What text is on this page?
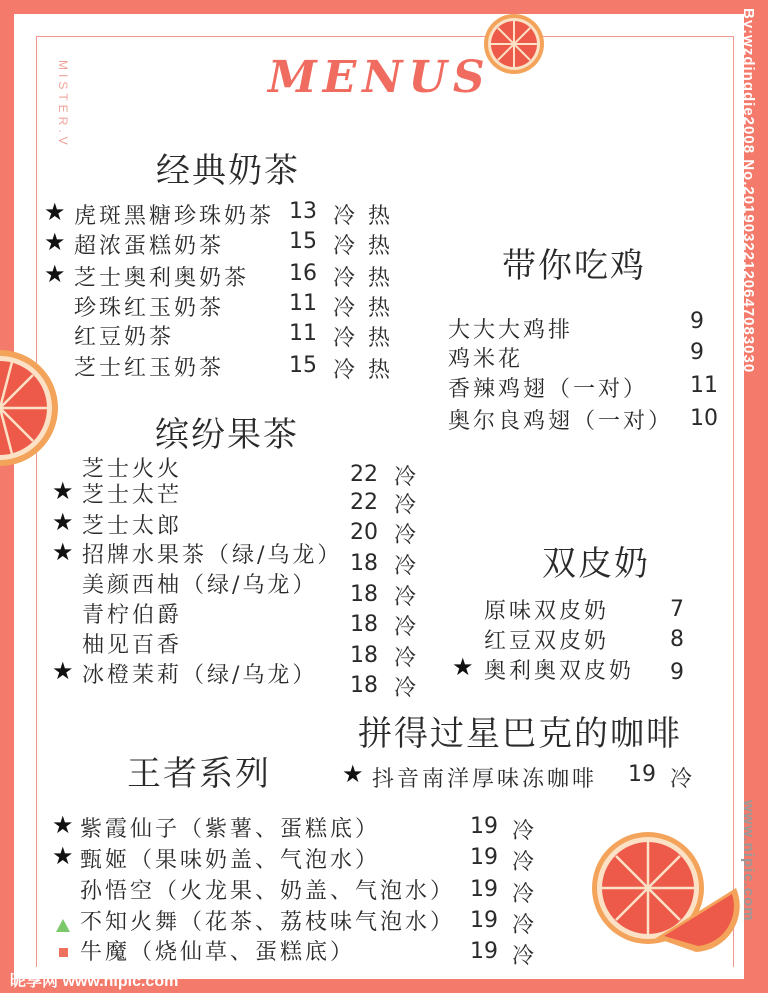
MENUS
MISTER.V
经典奶茶
★ 虎斑黑糖珍珠奶茶 13 冷 热
★ 超浓蛋糕奶茶	15 冷 热
★ 芝士奥利奥奶茶 16 冷 热
珍珠红玉奶茶	11 冷 热
红豆奶茶	11 冷 热
芝士红玉奶茶	15 冷 热
带你吃鸡
大大大鸡排	9
鸡米花	9
香辣鸡翅（一对） 11
奥尔良鸡翅（一对） 10
缤纷果茶
芝士火火	22 冷
★ 芝士太芒	22 冷
★ 芝士太郎	20 冷
★ 招牌水果茶（绿/乌龙） 18 冷
美颜西柚（绿/乌龙） 18 冷
青柠伯爵	18 冷
柚见百香	18 冷
★ 冰橙茉莉（绿/乌龙） 18 冷
双皮奶
原味双皮奶	7
红豆双皮奶	8
★ 奥利奥双皮奶 9
拼得过星巴克的咖啡
★ 抖音南洋厚味冻咖啡 19 冷
王者系列
★ 紫霞仙子（紫薯、蛋糕底）	19 冷
★ 甄姬（果味奶盖、气泡水）	19 冷
孙悟空（火龙果、奶盖、气泡水） 19 冷
不知火舞（花茶、荔枝味气泡水） 19 冷
牛魔（烧仙草、蛋糕底）	19 冷
By:wzdingdie2008 No.20190322120647083030
昵享网 www.nipic.com
www.nipic.com
ID:28076286 NO:20190322120647083030
